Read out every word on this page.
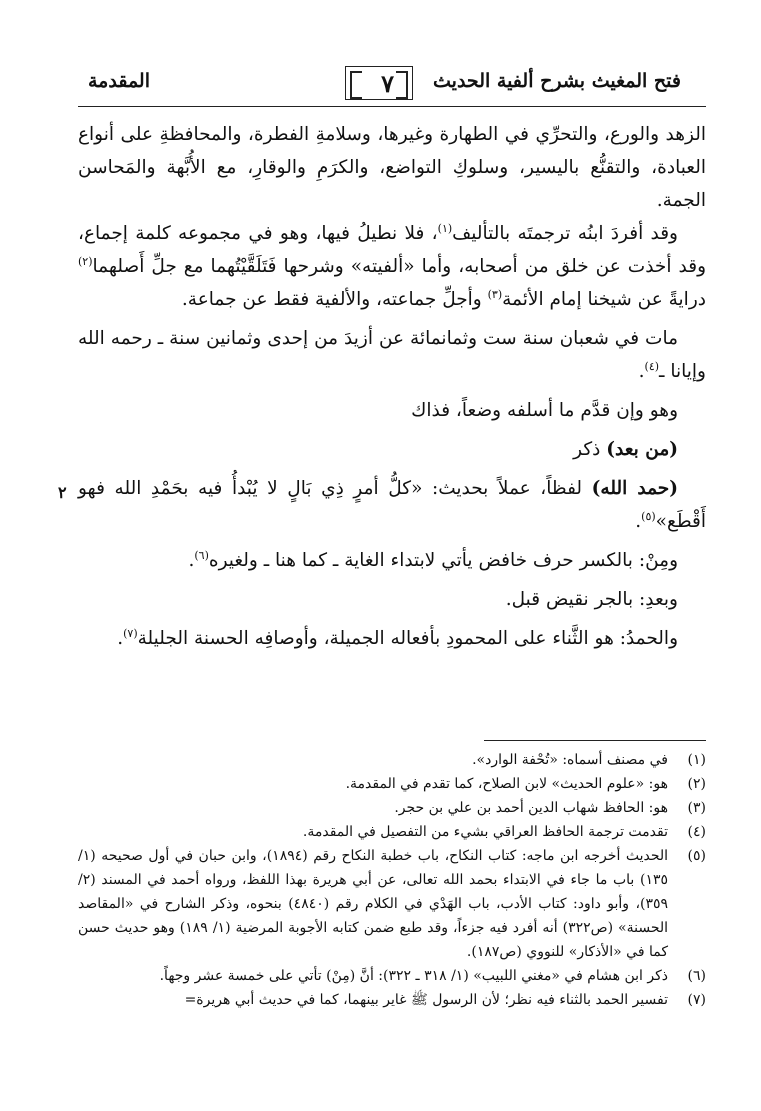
فتح المغيث بشرح ألفية الحديث
٧
المقدمة

الزهد والورع، والتحرِّي في الطهارة وغيرها، وسلامةِ الفطرة، والمحافظةِ على أنواع العبادة، والتقنُّع باليسير، وسلوكِ التواضع، والكرَمِ والوقارِ، مع الأُبَّهة والمَحاسن الجمة.

وقد أفردَ ابنُه ترجمتَه بالتأليف$^{(١)}$، فلا نطيلُ فيها، وهو في مجموعه كلمة إجماع، وقد أخذت عن خلق من أصحابه، وأما «ألفيته» وشرحها فَتَلَقَّيْتُهما مع جلِّ أَصلهما$^{(٢)}$ درايةً عن شيخنا إمام الأئمة$^{(٣)}$ وأجلِّ جماعته، والألفية فقط عن جماعة.

مات في شعبان سنة ست وثمانمائة عن أزيدَ من إحدى وثمانين سنة ـ رحمه الله وإيانا ـ$^{(٤)}$.

وهو وإن قدَّم ما أسلفه وضعاً، فذاك

(من بعد) ذكر

(حمد الله) لفظاً، عملاً بحديث: «كلُّ أمرٍ ذِي بَالٍ لا يُبْدأُ فيه بحَمْدِ الله فهو أَقْطَع»$^{(٥)}$.

ومِنْ: بالكسر حرف خافض يأتي لابتداء الغاية ـ كما هنا ـ ولغيره$^{(٦)}$.

وبعدِ: بالجر نقيض قبل.

والحمدُ: هو الثَّناء على المحمودِ بأفعاله الجميلة، وأوصافِه الحسنة الجليلة$^{(٧)}$.

٢
(١)
في مصنف أسماه: «تُحْفة الوارد».
(٢)
هو: «علوم الحديث» لابن الصلاح، كما تقدم في المقدمة.
(٣)
هو: الحافظ شهاب الدين أحمد بن علي بن حجر.
(٤)
تقدمت ترجمة الحافظ العراقي بشيء من التفصيل في المقدمة.
(٥)
الحديث أخرجه ابن ماجه: كتاب النكاح، باب خطبة النكاح رقم (١٨٩٤)، وابن حبان في أول صحيحه (١/ ١٣٥) باب ما جاء في الابتداء بحمد الله تعالى، عن أبي هريرة بهذا اللفظ، ورواه أحمد في المسند (٢/ ٣٥٩)، وأبو داود: كتاب الأدب، باب الهَدْي في الكلام رقم (٤٨٤٠) بنحوه، وذكر الشارح في «المقاصد الحسنة» (ص٣٢٢) أنه أفرد فيه جزءاً، وقد طبع ضمن كتابه الأجوبة المرضية (١/ ١٨٩) وهو حديث حسن كما في «الأذكار» للنووي (ص١٨٧).
(٦)
ذكر ابن هشام في «مغني اللبيب» (١/ ٣١٨ ـ ٣٢٢): أنَّ (مِنْ) تأتي على خمسة عشر وجهاً.
(٧)
تفسير الحمد بالثناء فيه نظر؛ لأن الرسول ﷺ غاير بينهما، كما في حديث أبي هريرة=
